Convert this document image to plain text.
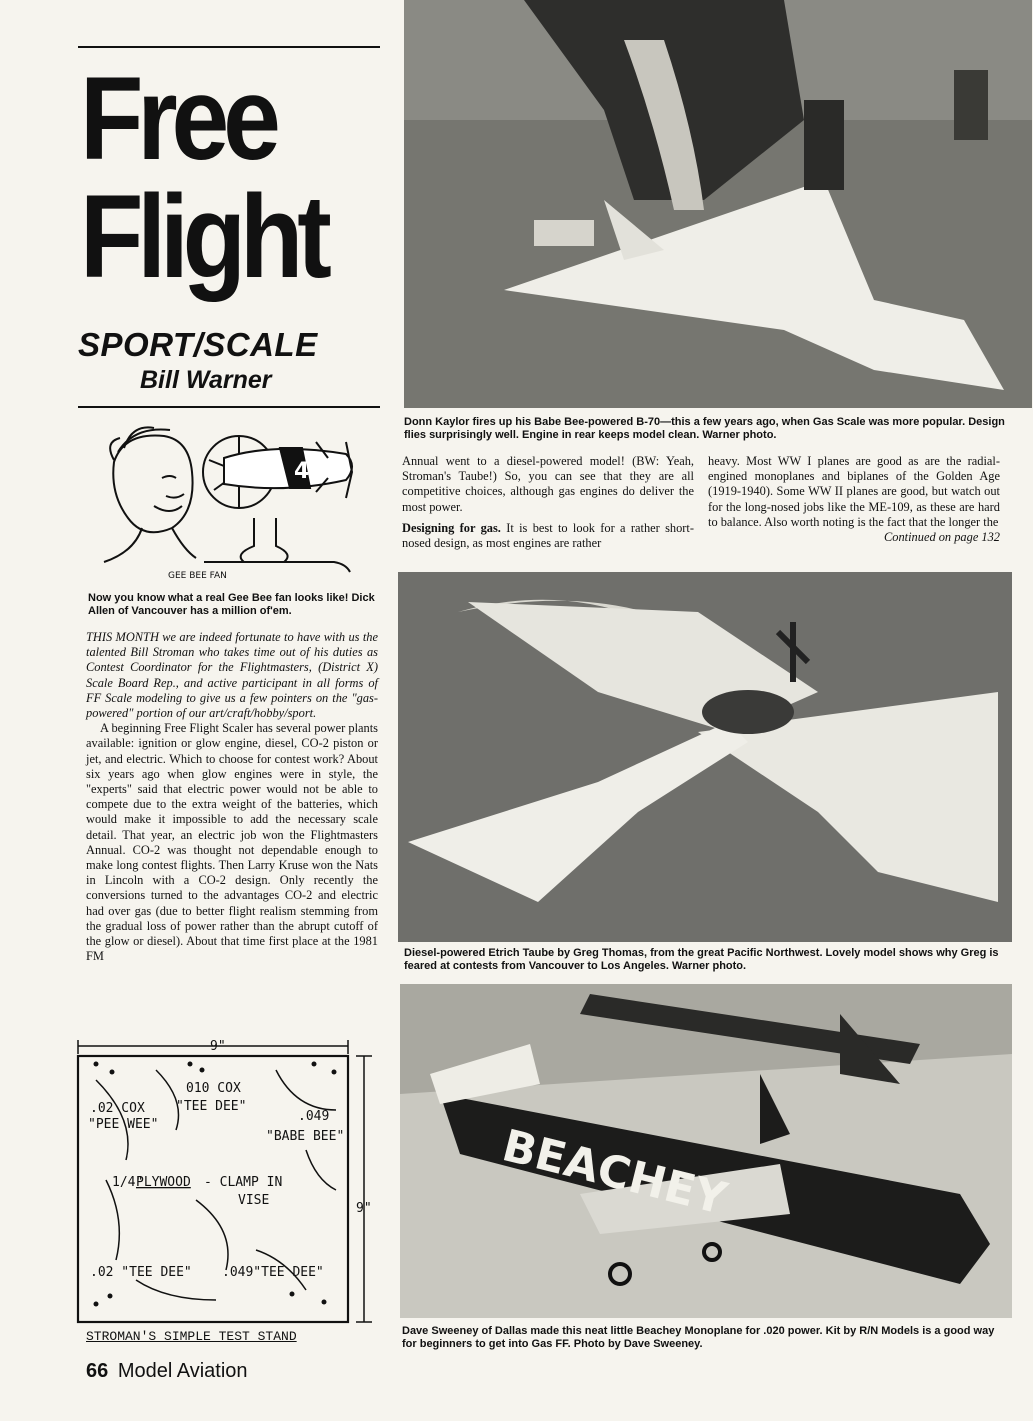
Free
Flight
SPORT/SCALE
Bill Warner
4
GEE BEE FAN
Now you know what a real Gee Bee fan looks like! Dick Allen of Vancouver has a million of'em.

THIS MONTH we are indeed fortunate to have with us the talented Bill Stroman who takes time out of his duties as Contest Coordinator for the Flightmasters, (District X) Scale Board Rep., and active participant in all forms of FF Scale modeling to give us a few pointers on the "gas-powered" portion of our art/craft/hobby/sport.

A beginning Free Flight Scaler has several power plants available: ignition or glow engine, diesel, CO-2 piston or jet, and electric. Which to choose for contest work? About six years ago when glow engines were in style, the "experts" said that electric power would not be able to compete due to the extra weight of the batteries, which would make it impossible to add the necessary scale detail. That year, an electric job won the Flightmasters Annual. CO-2 was thought not dependable enough to make long contest flights. Then Larry Kruse won the Nats in Lincoln with a CO-2 design. Only recently the conversions turned to the advantages CO-2 and electric had over gas (due to better flight realism stemming from the gradual loss of power rather than the abrupt cutoff of the glow or diesel). About that time first place at the 1981 FM

Donn Kaylor fires up his Babe Bee-powered B-70—this a few years ago, when Gas Scale was more popular. Design flies surprisingly well. Engine in rear keeps model clean. Warner photo.

Annual went to a diesel-powered model! (BW: Yeah, Stroman's Taube!) So, you can see that they are all competitive choices, although gas engines do deliver the most power.

Designing for gas. It is best to look for a rather short-nosed design, as most engines are rather

heavy. Most WW I planes are good as are the radial-engined monoplanes and biplanes of the Golden Age (1919-1940). Some WW II planes are good, but watch out for the long-nosed jobs like the ME-109, as these are hard to balance. Also worth noting is the fact that the longer the

Continued on page 132

Diesel-powered Etrich Taube by Greg Thomas, from the great Pacific Northwest. Lovely model shows why Greg is feared at contests from Vancouver to Los Angeles. Warner photo.
BEACHEY
Dave Sweeney of Dallas made this neat little Beachey Monoplane for .020 power. Kit by R/N Models is a good way for beginners to get into Gas FF. Photo by Dave Sweeney.
9"
9"
010 COX
"TEE DEE"
.02 COX
"PEE WEE"
.049
"BABE BEE"
1/4"
PLYWOOD - CLAMP IN
VISE
.02 "TEE DEE" .049"TEE DEE"
STROMAN'S SIMPLE TEST STAND
66 Model Aviation
